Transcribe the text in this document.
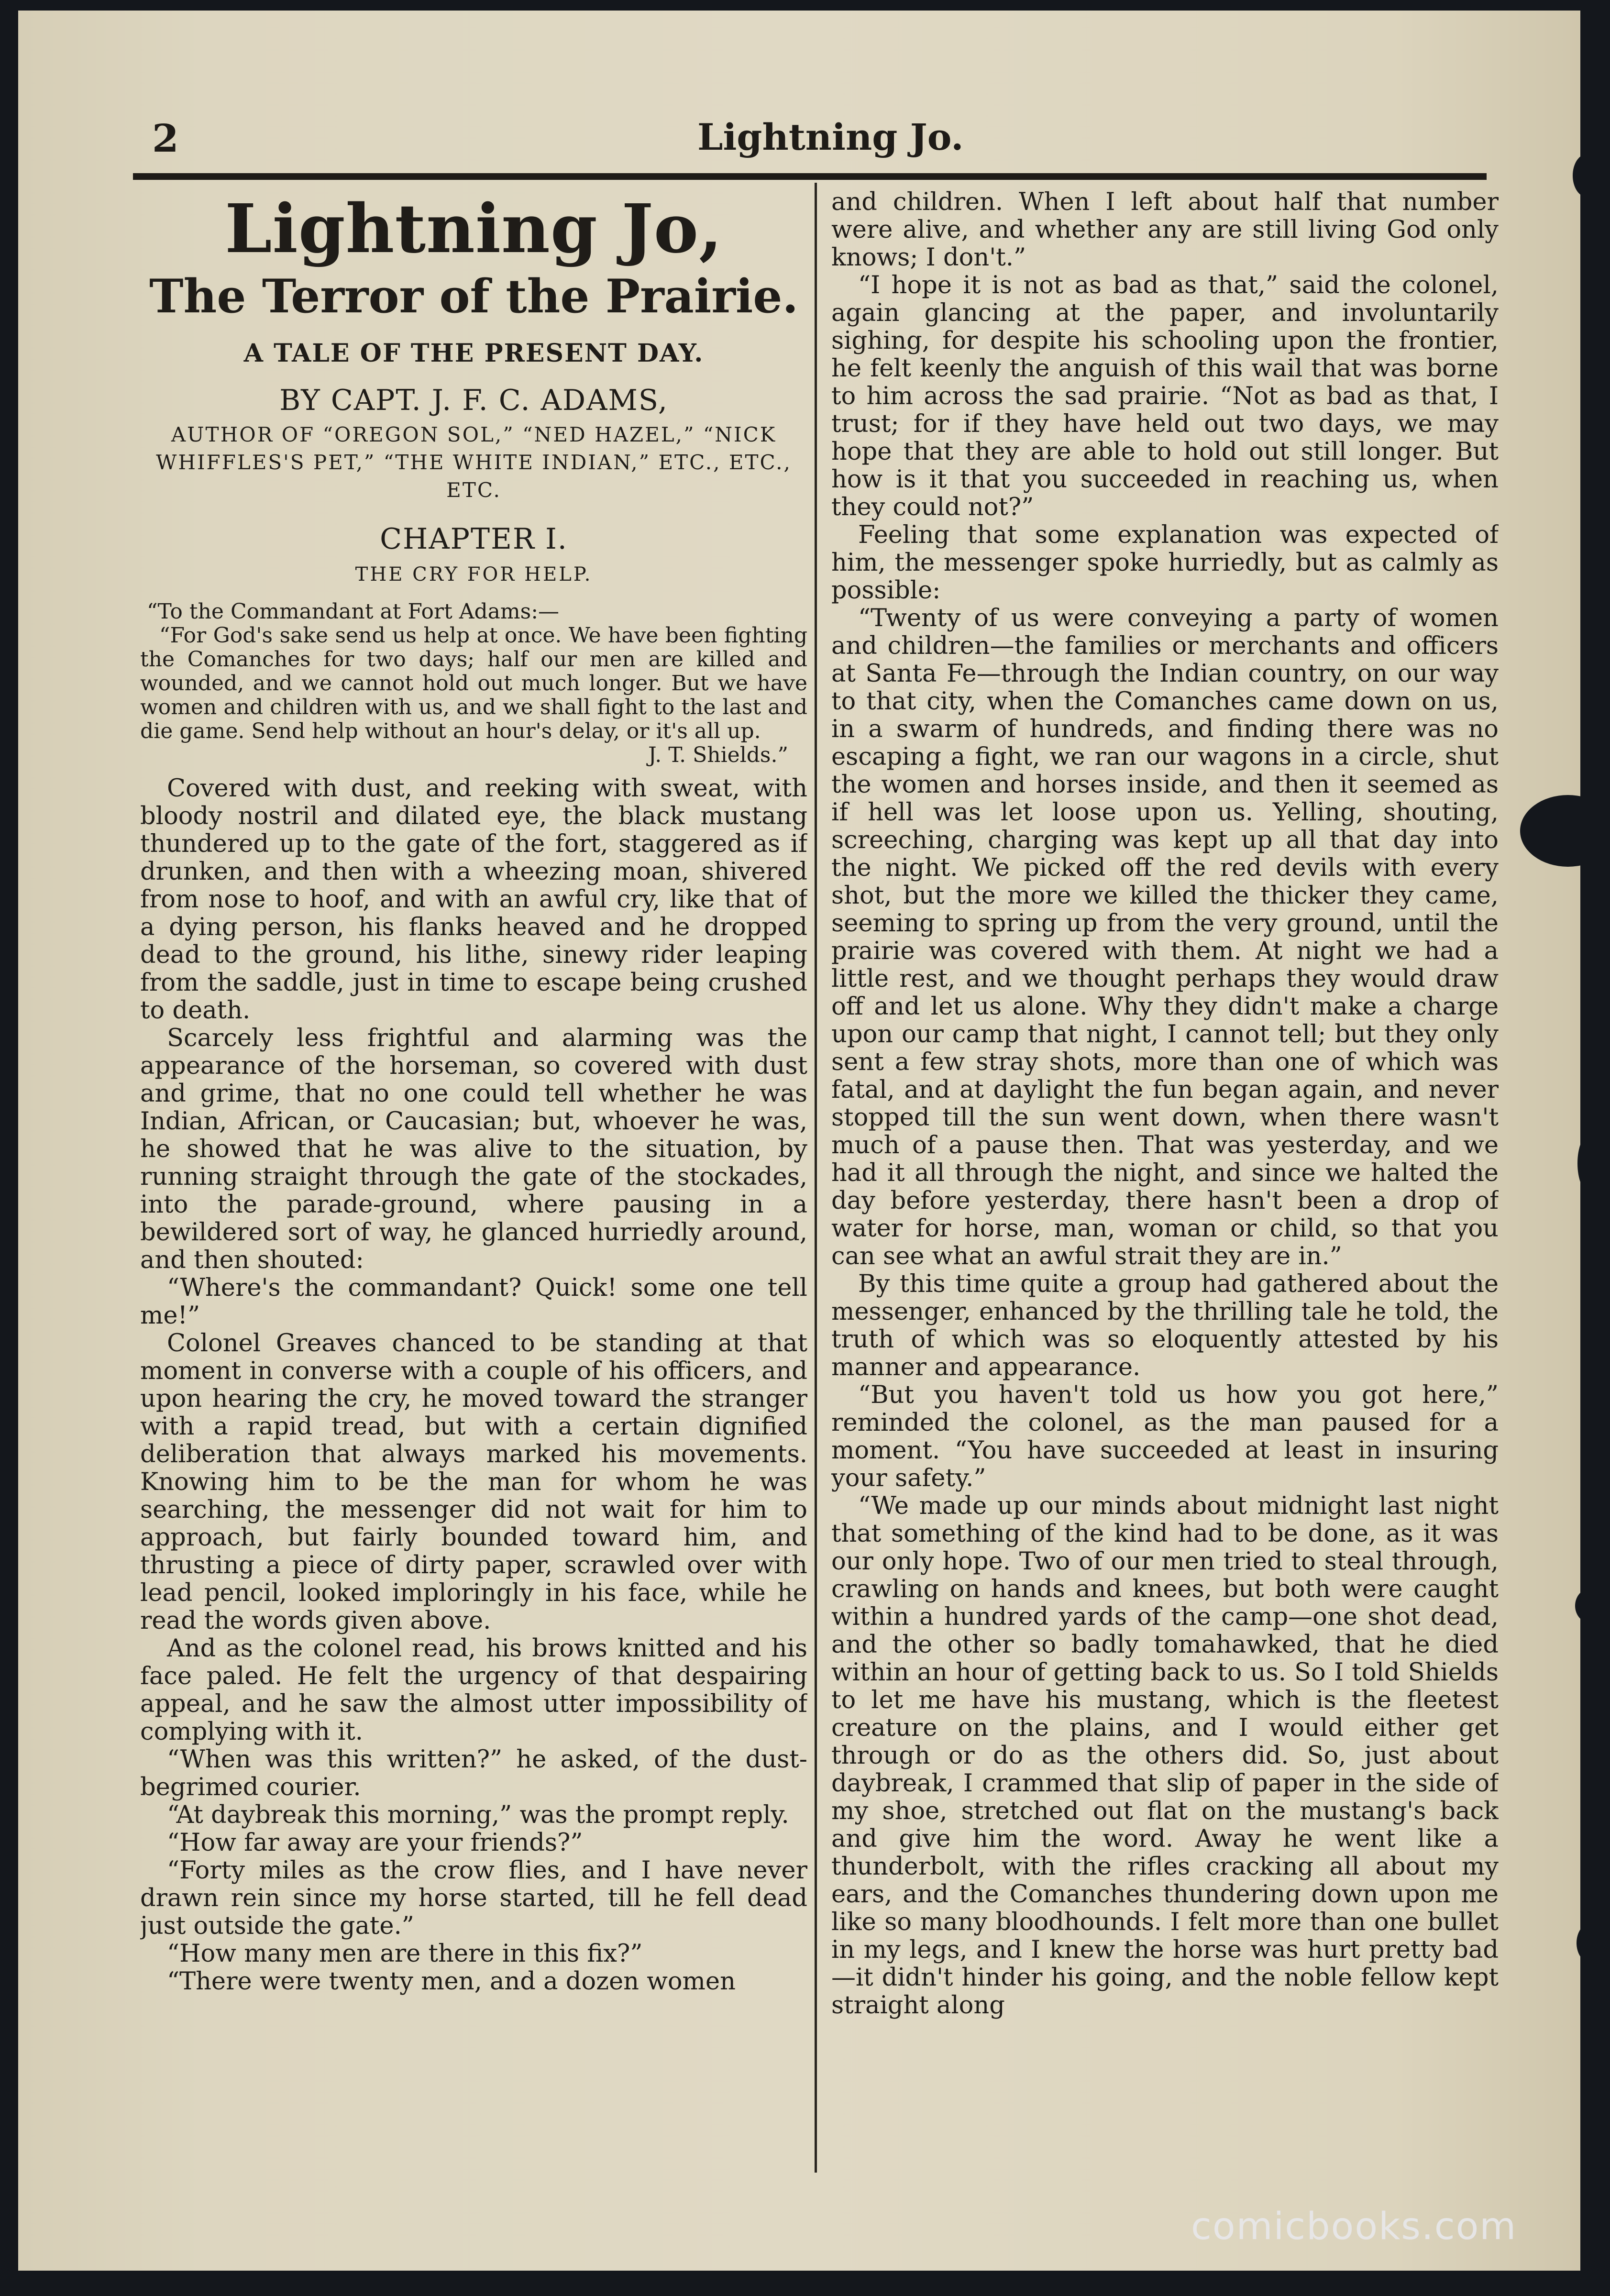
2	Lightning Jo.
Lightning Jo,
The Terror of the Prairie.
A TALE OF THE PRESENT DAY.
BY CAPT. J. F. C. ADAMS,
AUTHOR OF “OREGON SOL,” “NED HAZEL,” “NICK WHIFFLES'S PET,” “THE WHITE INDIAN,” ETC., ETC., ETC.
CHAPTER I.
THE CRY FOR HELP.
“To the Commandant at Fort Adams:—
“For God's sake send us help at once. We have been fighting the Comanches for two days; half our men are killed and wounded, and we cannot hold out much longer. But we have women and children with us, and we shall fight to the last and die game. Send help without an hour's delay, or it's all up.
J. T. Shields.”

Covered with dust, and reeking with sweat, with bloody nostril and dilated eye, the black mustang thundered up to the gate of the fort, staggered as if drunken, and then with a wheezing moan, shivered from nose to hoof, and with an awful cry, like that of a dying person, his flanks heaved and he dropped dead to the ground, his lithe, sinewy rider leaping from the saddle, just in time to escape being crushed to death.

Scarcely less frightful and alarming was the appearance of the horseman, so covered with dust and grime, that no one could tell whether he was Indian, African, or Caucasian; but, whoever he was, he showed that he was alive to the situation, by running straight through the gate of the stockades, into the parade-ground, where pausing in a bewildered sort of way, he glanced hurriedly around, and then shouted:

“Where's the commandant? Quick! some one tell me!”

Colonel Greaves chanced to be standing at that moment in converse with a couple of his officers, and upon hearing the cry, he moved toward the stranger with a rapid tread, but with a certain dignified deliberation that always marked his movements. Knowing him to be the man for whom he was searching, the messenger did not wait for him to approach, but fairly bounded toward him, and thrusting a piece of dirty paper, scrawled over with lead pencil, looked imploringly in his face, while he read the words given above.

And as the colonel read, his brows knitted and his face paled. He felt the urgency of that despairing appeal, and he saw the almost utter impossibility of complying with it.

“When was this written?” he asked, of the dust-begrimed courier.

“At daybreak this morning,” was the prompt reply.

“How far away are your friends?”

“Forty miles as the crow flies, and I have never drawn rein since my horse started, till he fell dead just outside the gate.”

“How many men are there in this fix?”

“There were twenty men, and a dozen women

and children. When I left about half that number were alive, and whether any are still living God only knows; I don't.”

“I hope it is not as bad as that,” said the colonel, again glancing at the paper, and involuntarily sighing, for despite his schooling upon the frontier, he felt keenly the anguish of this wail that was borne to him across the sad prairie. “Not as bad as that, I trust; for if they have held out two days, we may hope that they are able to hold out still longer. But how is it that you succeeded in reaching us, when they could not?”

Feeling that some explanation was expected of him, the messenger spoke hurriedly, but as calmly as possible:

“Twenty of us were conveying a party of women and children—the families or merchants and officers at Santa Fe—through the Indian country, on our way to that city, when the Comanches came down on us, in a swarm of hundreds, and finding there was no escaping a fight, we ran our wagons in a circle, shut the women and horses inside, and then it seemed as if hell was let loose upon us. Yelling, shouting, screeching, charging was kept up all that day into the night. We picked off the red devils with every shot, but the more we killed the thicker they came, seeming to spring up from the very ground, until the prairie was covered with them. At night we had a little rest, and we thought perhaps they would draw off and let us alone. Why they didn't make a charge upon our camp that night, I cannot tell; but they only sent a few stray shots, more than one of which was fatal, and at daylight the fun began again, and never stopped till the sun went down, when there wasn't much of a pause then. That was yesterday, and we had it all through the night, and since we halted the day before yesterday, there hasn't been a drop of water for horse, man, woman or child, so that you can see what an awful strait they are in.”

By this time quite a group had gathered about the messenger, enhanced by the thrilling tale he told, the truth of which was so eloquently attested by his manner and appearance.

“But you haven't told us how you got here,” reminded the colonel, as the man paused for a moment. “You have succeeded at least in insuring your safety.”

“We made up our minds about midnight last night that something of the kind had to be done, as it was our only hope. Two of our men tried to steal through, crawling on hands and knees, but both were caught within a hundred yards of the camp—one shot dead, and the other so badly tomahawked, that he died within an hour of getting back to us. So I told Shields to let me have his mustang, which is the fleetest creature on the plains, and I would either get through or do as the others did. So, just about daybreak, I crammed that slip of paper in the side of my shoe, stretched out flat on the mustang's back and give him the word. Away he went like a thunderbolt, with the rifles cracking all about my ears, and the Comanches thundering down upon me like so many bloodhounds. I felt more than one bullet in my legs, and I knew the horse was hurt pretty bad—it didn't hinder his going, and the noble fellow kept straight along

comicbooks.com
